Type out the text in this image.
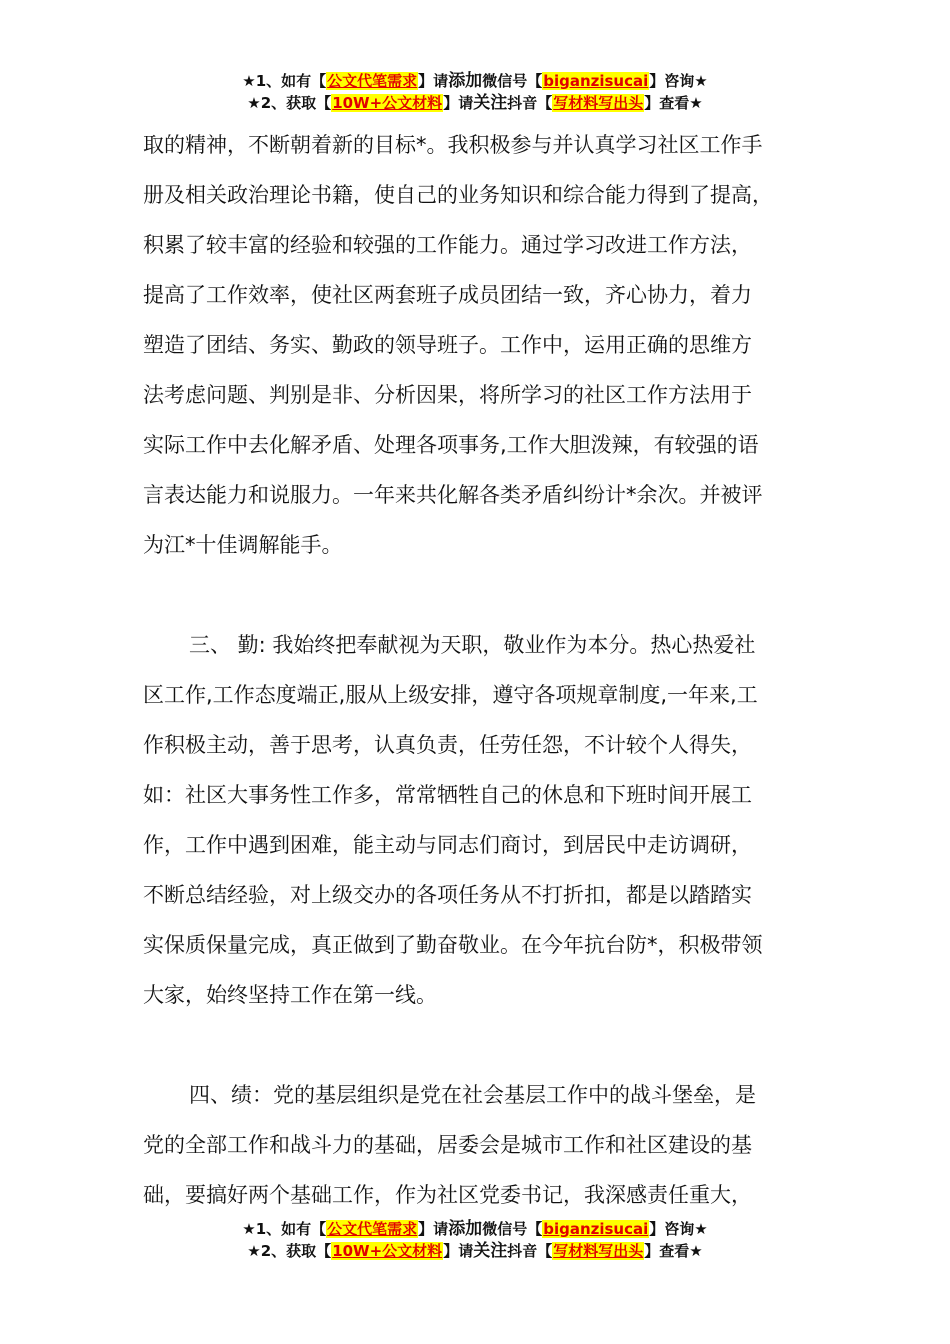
★1、如有【公文代笔需求】请添加微信号【biganzisucai】咨询★
★2、获取【10W+公文材料】请关注抖音【写材料写出头】查看★

取的精神，不断朝着新的目标*。我积极参与并认真学习社区工作手

册及相关政治理论书籍，使自己的业务知识和综合能力得到了提高，

积累了较丰富的经验和较强的工作能力。通过学习改进工作方法，

提高了工作效率，使社区两套班子成员团结一致，齐心协力，着力

塑造了团结、务实、勤政的领导班子。工作中，运用正确的思维方

法考虑问题、判别是非、分析因果，将所学习的社区工作方法用于

实际工作中去化解矛盾、处理各项事务,工作大胆泼辣，有较强的语

言表达能力和说服力。一年来共化解各类矛盾纠纷计*余次。并被评

为江*十佳调解能手。

三、 勤: 我始终把奉献视为天职，敬业作为本分。热心热爱社

区工作,工作态度端正,服从上级安排，遵守各项规章制度,一年来,工

作积极主动，善于思考，认真负责，任劳任怨，不计较个人得失，

如：社区大事务性工作多，常常牺牲自己的休息和下班时间开展工

作，工作中遇到困难，能主动与同志们商讨，到居民中走访调研，

不断总结经验，对上级交办的各项任务从不打折扣，都是以踏踏实

实保质保量完成，真正做到了勤奋敬业。在今年抗台防*，积极带领

大家，始终坚持工作在第一线。

四、绩：党的基层组织是党在社会基层工作中的战斗堡垒，是

党的全部工作和战斗力的基础，居委会是城市工作和社区建设的基

础，要搞好两个基础工作，作为社区党委书记，我深感责任重大，

★1、如有【公文代笔需求】请添加微信号【biganzisucai】咨询★
★2、获取【10W+公文材料】请关注抖音【写材料写出头】查看★
